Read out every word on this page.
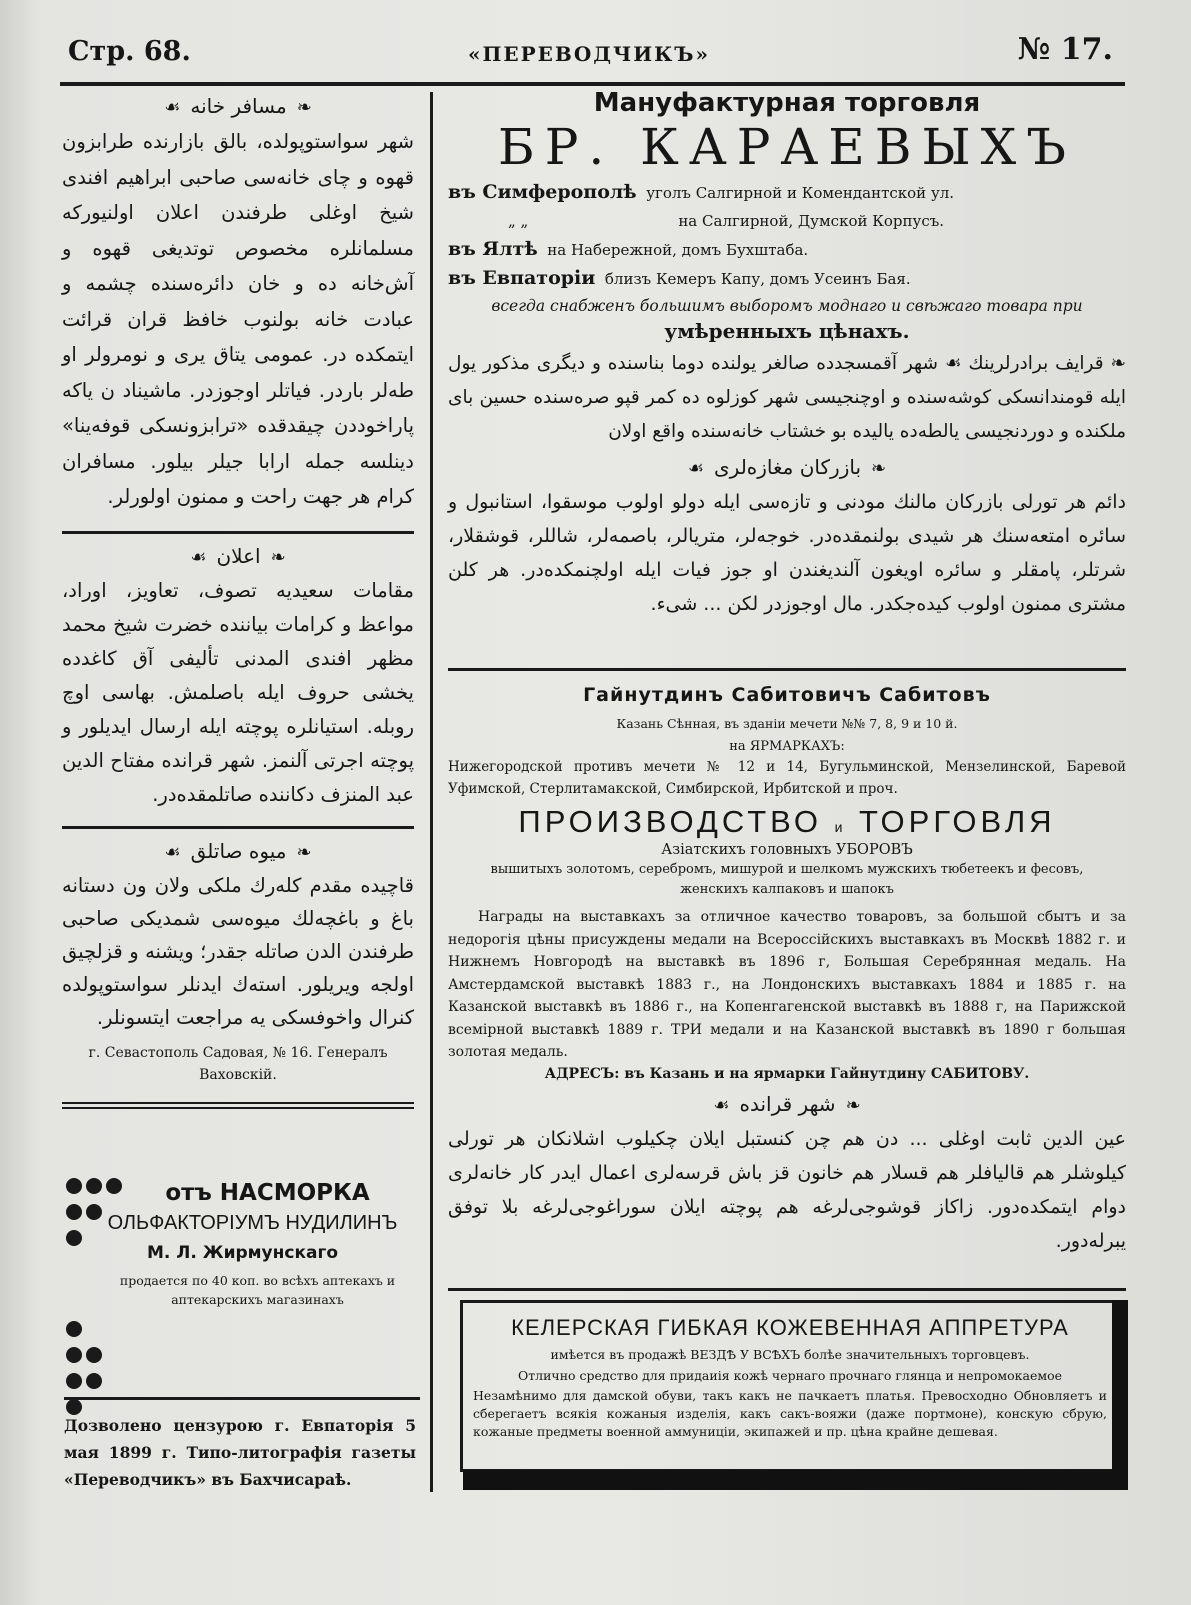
Стр. 68.	«ПЕРЕВОДЧИКЪ»	№ 17.
❧مسافر خانه☙

شهر سواستوپولده، بالق بازارنده طرابزون قهوه و چای خانه‌سی صاحبی ابراهیم افندی شیخ اوغلی طرفندن اعلان اولنیورکه مسلمانلره مخصوص توتدیغی قهوه و آش‌خانه ده و خان دائره‌سنده چشمه و عبادت خانه بولنوب خافظ قران قرائت ایتمکده در. عمومی یتاق یری و نومرولر او طه‌لر باردر. فیاتلر اوجوزدر. ماشیناد ن یاکه پاراخوددن چیقدقده «ترابزونسکی قوفه‌ینا» دینلسه جمله ارابا جیلر بیلور. مسافران کرام هر جهت راحت و ممنون اولورلر.

❧اعلان☙

مقامات سعیدیه تصوف، تعاویز، اوراد، مواعظ و کرامات بیاننده خضرت شیخ محمد مظهر افندی المدنی تألیفی آق کاغدده یخشی حروف ایله باصلمش. بهاسی اوچ روبله. استیانلره پوچته ایله ارسال ایدیلور و پوچته اجرتی آلنمز. شهر قرانده مفتاح الدین عبد المنزف دکاننده صاتلمقده‌در.

❧میوه صاتلق☙

قاچیده مقدم کله‌رك ملکی ولان ون دستانه باغ و باغچه‌لك میوه‌سی شمدیکی صاحبی طرفندن الدن صاتله جقدر؛ ویشنه و قزلچیق اولجه ویریلور. استەك ایدنلر سواستوپولده کنرال واخوفسکی یه مراجعت ایتسونلر.

г. Севастополь Садовая, № 16. Генералъ Ваховскій.

отъ НАСМОРКА
ОЛЬФАКТОРІУМЪ НУДИЛИНЪ
М. Л. Жирмунскаго
продается по 40 коп. во всѣхъ аптекахъ и аптекарскихъ магазинахъ

Дозволено цензурою г. Евпаторія 5 мая 1899 г. Типо-литографія газеты «Переводчикъ» въ Бахчисараѣ.
Мануфактурная торговля
БР. КАРАЕВЫХЪ
въ Симферополѣ уголъ Салгирной и Комендантской ул.
„ „	на Салгирной, Думской Корпусъ.
въ Ялтѣ на Набережной, домъ Бухштаба.
въ Евпаторіи близъ Кемеръ Капу, домъ Усеинъ Бая.
всегда снабженъ большимъ выборомъ моднаго и свѣжаго товара при
умѣренныхъ цѣнахъ.
❧ قرایف برادرلرینك ☙ شهر آقمسجدده صالغر یولنده دوما بناسنده و دیگری مذکور یول ایله قومندانسکی کوشه‌سنده و اوچنجیسی شهر کوزلوه ده کمر قپو صره‌سنده حسین بای ملکنده و دوردنجیسی یالطه‌ده یالیده بو خشتاب خانه‌سنده واقع اولان
❧بازرکان مغازه‌لری☙

دائم هر تورلی بازرکان مالنك مودنی و تازه‌سی ایله دولو اولوب موسقوا، استانبول و سائره امتعه‌سنك هر شیدی بولنمقده‌در. خوجه‌لر، متریالر، باصمه‌لر، شاللر، قوشقلار، شرتلر، پامقلر و سائره اویغون آلندیغندن او جوز فیات ایله اولچنمکده‌در. هر کلن مشتری ممنون اولوب کیده‌جکدر. مال اوجوزدر لکن ... شیء.

Гайнутдинъ Сабитовичъ Сабитовъ
Казань Сѣнная, въ зданіи мечети №№ 7, 8, 9 и 10 й.
на ЯРМАРКАХЪ:
Нижегородской противъ мечети № 12 и 14, Бугульминской, Мензелинской, Баревой Уфимской, Стерлитамакской, Симбирской, Ирбитской и проч.
ПРОИЗВОДСТВО и ТОРГОВЛЯ
Азіатскихъ головныхъ УБОРОВЪ
вышитыхъ золотомъ, серебромъ, мишурой и шелкомъ мужскихъ тюбетеекъ и фесовъ, женскихъ калпаковъ и шапокъ
Награды на выставкахъ за отличное качество товаровъ, за большой сбытъ и за недорогія цѣны присуждены медали на Всероссійскихъ выставкахъ въ Москвѣ 1882 г. и Нижнемъ Новгородѣ на выставкѣ въ 1896 г, Большая Серебрянная медаль. На Амстердамской выставкѣ 1883 г., на Лондонскихъ выставкахъ 1884 и 1885 г. на Казанской выставкѣ въ 1886 г., на Копенгагенской выставкѣ въ 1888 г, на Парижской всемірной выставкѣ 1889 г. ТРИ медали и на Казанской выставкѣ въ 1890 г большая золотая медаль.
АДРЕСЪ: въ Казань и на ярмарки Гайнутдину САБИТОВУ.
❧شهر قرانده☙

عین الدین ثابت اوغلی ... دن هم چن کنستبل ایلان چکیلوب اشلانکان هر تورلی کیلوشلر هم قالیافلر هم قسلار هم خانون قز باش قرسه‌لری اعمال ایدر کار خانه‌لری دوام ایتمکده‌دور. زاکاز قوشوجی‌لرغه هم پوچته ایلان سوراغوجی‌لرغه بلا توفق یبرله‌دور.

КЕЛЕРСКАЯ ГИБКАЯ КОЖЕВЕННАЯ АППРЕТУРА
имѣется въ продажѣ ВЕЗДѢ У ВСѢХЪ болѣе значительныхъ торговцевъ.
Отлично средство для придаиія кожѣ чернаго прочнаго глянца и непромокаемое
Незамѣнимо для дамской обуви, такъ какъ не пачкаетъ платья. Превосходно Обновляетъ и сберегаетъ всякія кожаныя изделія, какъ сакъ-вояжи (даже портмоне), конскую сбрую, кожаные предметы военной аммуниціи, экипажей и пр. цѣна крайне дешевая.
